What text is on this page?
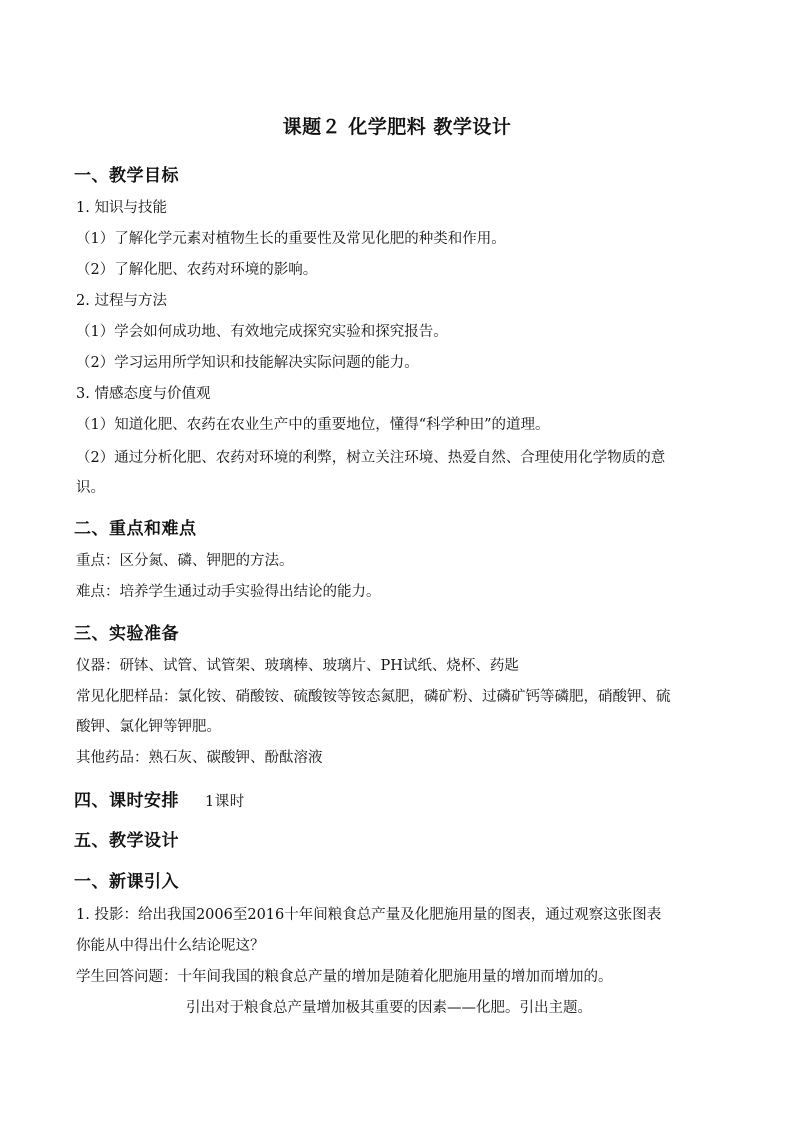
课题２ 化学肥料 教学设计
一、教学目标
1. 知识与技能
（1）了解化学元素对植物生长的重要性及常见化肥的种类和作用。
（2）了解化肥、农药对环境的影响。
2. 过程与方法
（1）学会如何成功地、有效地完成探究实验和探究报告。
（2）学习运用所学知识和技能解决实际问题的能力。
3. 情感态度与价值观
（1）知道化肥、农药在农业生产中的重要地位，懂得“科学种田”的道理。
（2）通过分析化肥、农药对环境的利弊，树立关注环境、热爱自然、合理使用化学物质的意
识。
二、重点和难点
重点：区分氮、磷、钾肥的方法。
难点：培养学生通过动手实验得出结论的能力。
三、实验准备
仪器：研钵、试管、试管架、玻璃棒、玻璃片、PH试纸、烧杯、药匙
常见化肥样品：氯化铵、硝酸铵、硫酸铵等铵态氮肥，磷矿粉、过磷矿钙等磷肥，硝酸钾、硫
酸钾、氯化钾等钾肥。
其他药品：熟石灰、碳酸钾、酚酞溶液
四、课时安排 1课时
五、教学设计
一、新课引入
1. 投影：给出我国2006至2016十年间粮食总产量及化肥施用量的图表，通过观察这张图表
你能从中得出什么结论呢这？
学生回答问题：十年间我国的粮食总产量的增加是随着化肥施用量的增加而增加的。
引出对于粮食总产量增加极其重要的因素——化肥。引出主题。
